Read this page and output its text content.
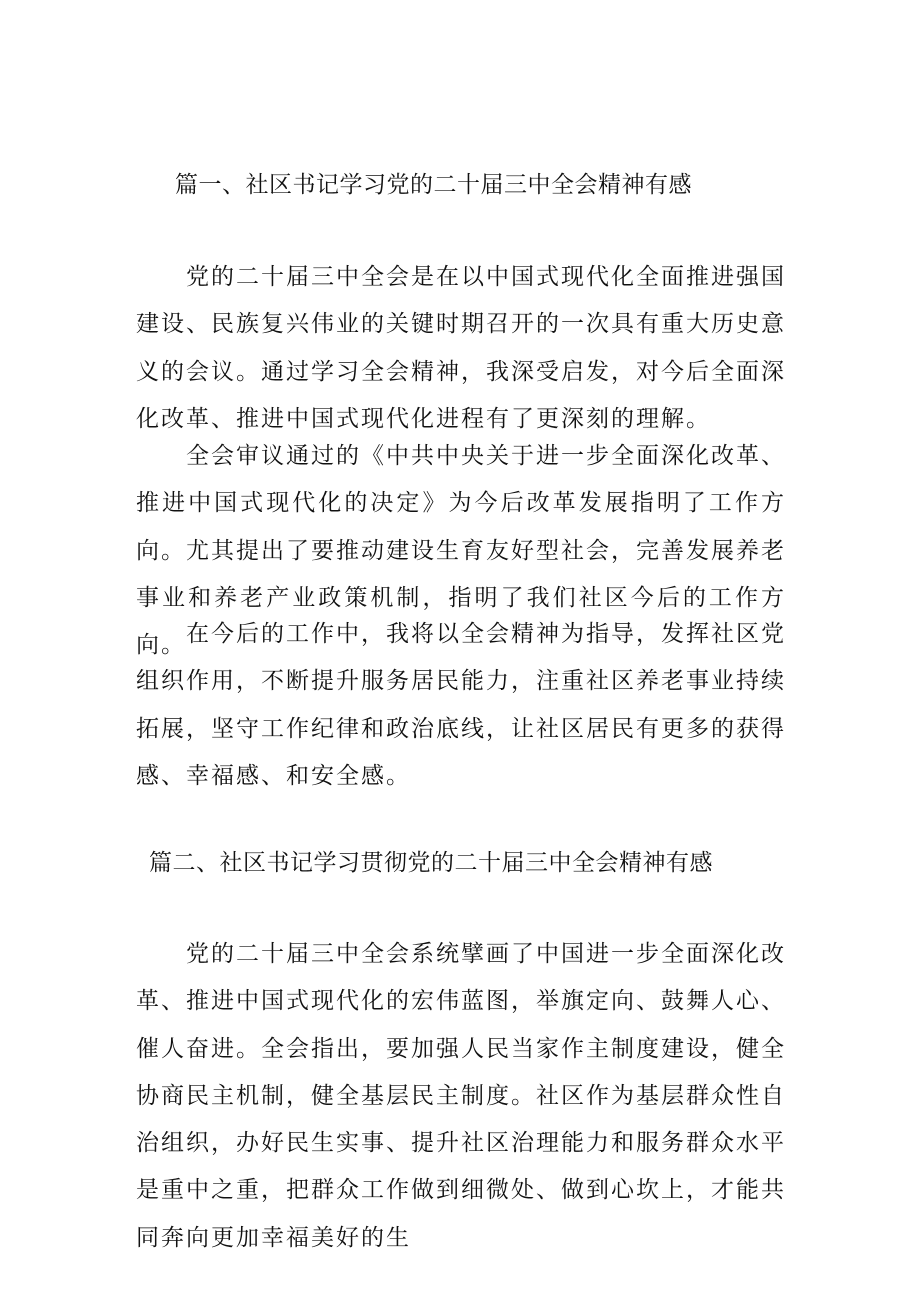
篇一、社区书记学习党的二十届三中全会精神有感

党的二十届三中全会是在以中国式现代化全面推进强国建设、民族复兴伟业的关键时期召开的一次具有重大历史意义的会议。通过学习全会精神，我深受启发，对今后全面深化改革、推进中国式现代化进程有了更深刻的理解。

全会审议通过的《中共中央关于进一步全面深化改革、推进中国式现代化的决定》为今后改革发展指明了工作方向。尤其提出了要推动建设生育友好型社会，完善发展养老事业和养老产业政策机制，指明了我们社区今后的工作方向。 在今后的工作中，我将以全会精神为指导，发挥社区党组织作用，不断提升服务居民能力，注重社区养老事业持续拓展，坚守工作纪律和政治底线，让社区居民有更多的获得感、幸福感、和安全感。

篇二、社区书记学习贯彻党的二十届三中全会精神有感

党的二十届三中全会系统擘画了中国进一步全面深化改革、推进中国式现代化的宏伟蓝图，举旗定向、鼓舞人心、催人奋进。全会指出，要加强人民当家作主制度建设，健全协商民主机制，健全基层民主制度。社区作为基层群众性自治组织，办好民生实事、提升社区治理能力和服务群众水平是重中之重，把群众工作做到细微处、做到心坎上，才能共同奔向更加幸福美好的生
